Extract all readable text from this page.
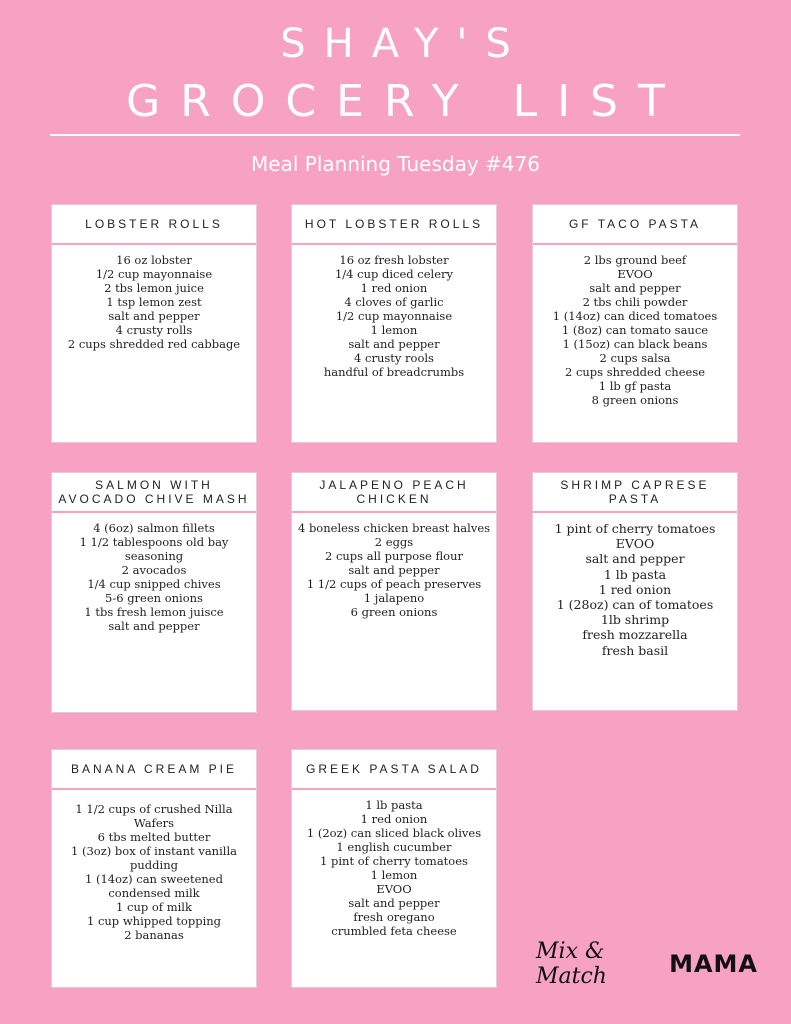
SHAY'S
GROCERY LIST
Meal Planning Tuesday #476
LOBSTER ROLLS
16 oz lobster
1/2 cup mayonnaise
2 tbs lemon juice
1 tsp lemon zest
salt and pepper
4 crusty rolls
2 cups shredded red cabbage
HOT LOBSTER ROLLS
16 oz fresh lobster
1/4 cup diced celery
1 red onion
4 cloves of garlic
1/2 cup mayonnaise
1 lemon
salt and pepper
4 crusty rools
handful of breadcrumbs
GF TACO PASTA
2 lbs ground beef
EVOO
salt and pepper
2 tbs chili powder
1 (14oz) can diced tomatoes
1 (8oz) can tomato sauce
1 (15oz) can black beans
2 cups salsa
2 cups shredded cheese
1 lb gf pasta
8 green onions
SALMON WITH AVOCADO CHIVE MASH
4 (6oz) salmon fillets
1 1/2 tablespoons old bay seasoning
2 avocados
1/4 cup snipped chives
5-6 green onions
1 tbs fresh lemon juisce
salt and pepper
JALAPENO PEACH CHICKEN
4 boneless chicken breast halves
2 eggs
2 cups all purpose flour
salt and pepper
1 1/2 cups of peach preserves
1 jalapeno
6 green onions
SHRIMP CAPRESE PASTA
1 pint of cherry tomatoes
EVOO
salt and pepper
1 lb pasta
1 red onion
1 (28oz) can of tomatoes
1lb shrimp
fresh mozzarella
fresh basil
BANANA CREAM PIE
1 1/2 cups of crushed Nilla Wafers
6 tbs melted butter
1 (3oz) box of instant vanilla pudding
1 (14oz) can sweetened condensed milk
1 cup of milk
1 cup whipped topping
2 bananas
GREEK PASTA SALAD
1 lb pasta
1 red onion
1 (2oz) can sliced black olives
1 english cucumber
1 pint of cherry tomatoes
1 lemon
EVOO
salt and pepper
fresh oregano
crumbled feta cheese
Mix & Match	MAMA
